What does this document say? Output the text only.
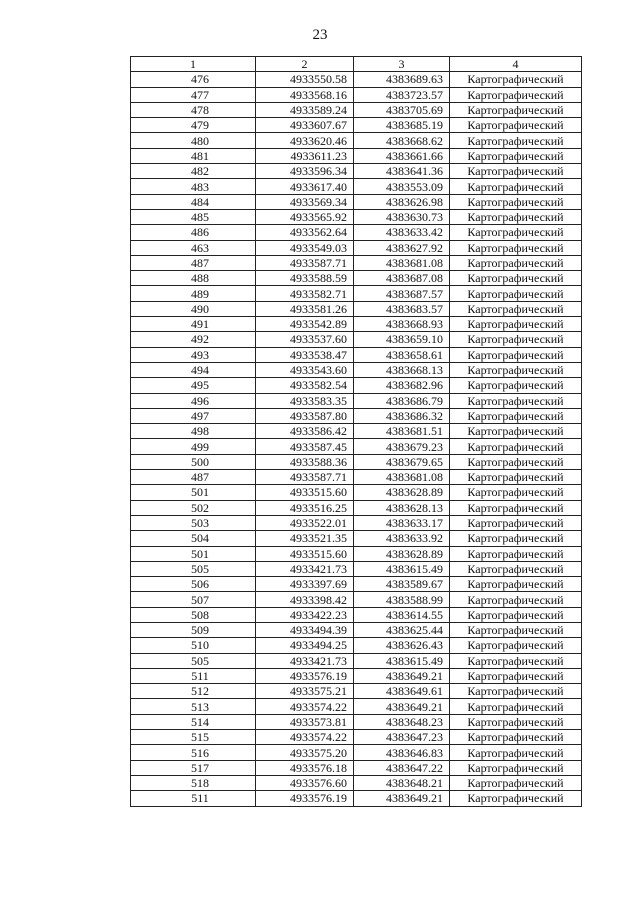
23
1	2	3	4
476	4933550.58	4383689.63	Картографический
477	4933568.16	4383723.57	Картографический
478	4933589.24	4383705.69	Картографический
479	4933607.67	4383685.19	Картографический
480	4933620.46	4383668.62	Картографический
481	4933611.23	4383661.66	Картографический
482	4933596.34	4383641.36	Картографический
483	4933617.40	4383553.09	Картографический
484	4933569.34	4383626.98	Картографический
485	4933565.92	4383630.73	Картографический
486	4933562.64	4383633.42	Картографический
463	4933549.03	4383627.92	Картографический
487	4933587.71	4383681.08	Картографический
488	4933588.59	4383687.08	Картографический
489	4933582.71	4383687.57	Картографический
490	4933581.26	4383683.57	Картографический
491	4933542.89	4383668.93	Картографический
492	4933537.60	4383659.10	Картографический
493	4933538.47	4383658.61	Картографический
494	4933543.60	4383668.13	Картографический
495	4933582.54	4383682.96	Картографический
496	4933583.35	4383686.79	Картографический
497	4933587.80	4383686.32	Картографический
498	4933586.42	4383681.51	Картографический
499	4933587.45	4383679.23	Картографический
500	4933588.36	4383679.65	Картографический
487	4933587.71	4383681.08	Картографический
501	4933515.60	4383628.89	Картографический
502	4933516.25	4383628.13	Картографический
503	4933522.01	4383633.17	Картографический
504	4933521.35	4383633.92	Картографический
501	4933515.60	4383628.89	Картографический
505	4933421.73	4383615.49	Картографический
506	4933397.69	4383589.67	Картографический
507	4933398.42	4383588.99	Картографический
508	4933422.23	4383614.55	Картографический
509	4933494.39	4383625.44	Картографический
510	4933494.25	4383626.43	Картографический
505	4933421.73	4383615.49	Картографический
511	4933576.19	4383649.21	Картографический
512	4933575.21	4383649.61	Картографический
513	4933574.22	4383649.21	Картографический
514	4933573.81	4383648.23	Картографический
515	4933574.22	4383647.23	Картографический
516	4933575.20	4383646.83	Картографический
517	4933576.18	4383647.22	Картографический
518	4933576.60	4383648.21	Картографический
511	4933576.19	4383649.21	Картографический
